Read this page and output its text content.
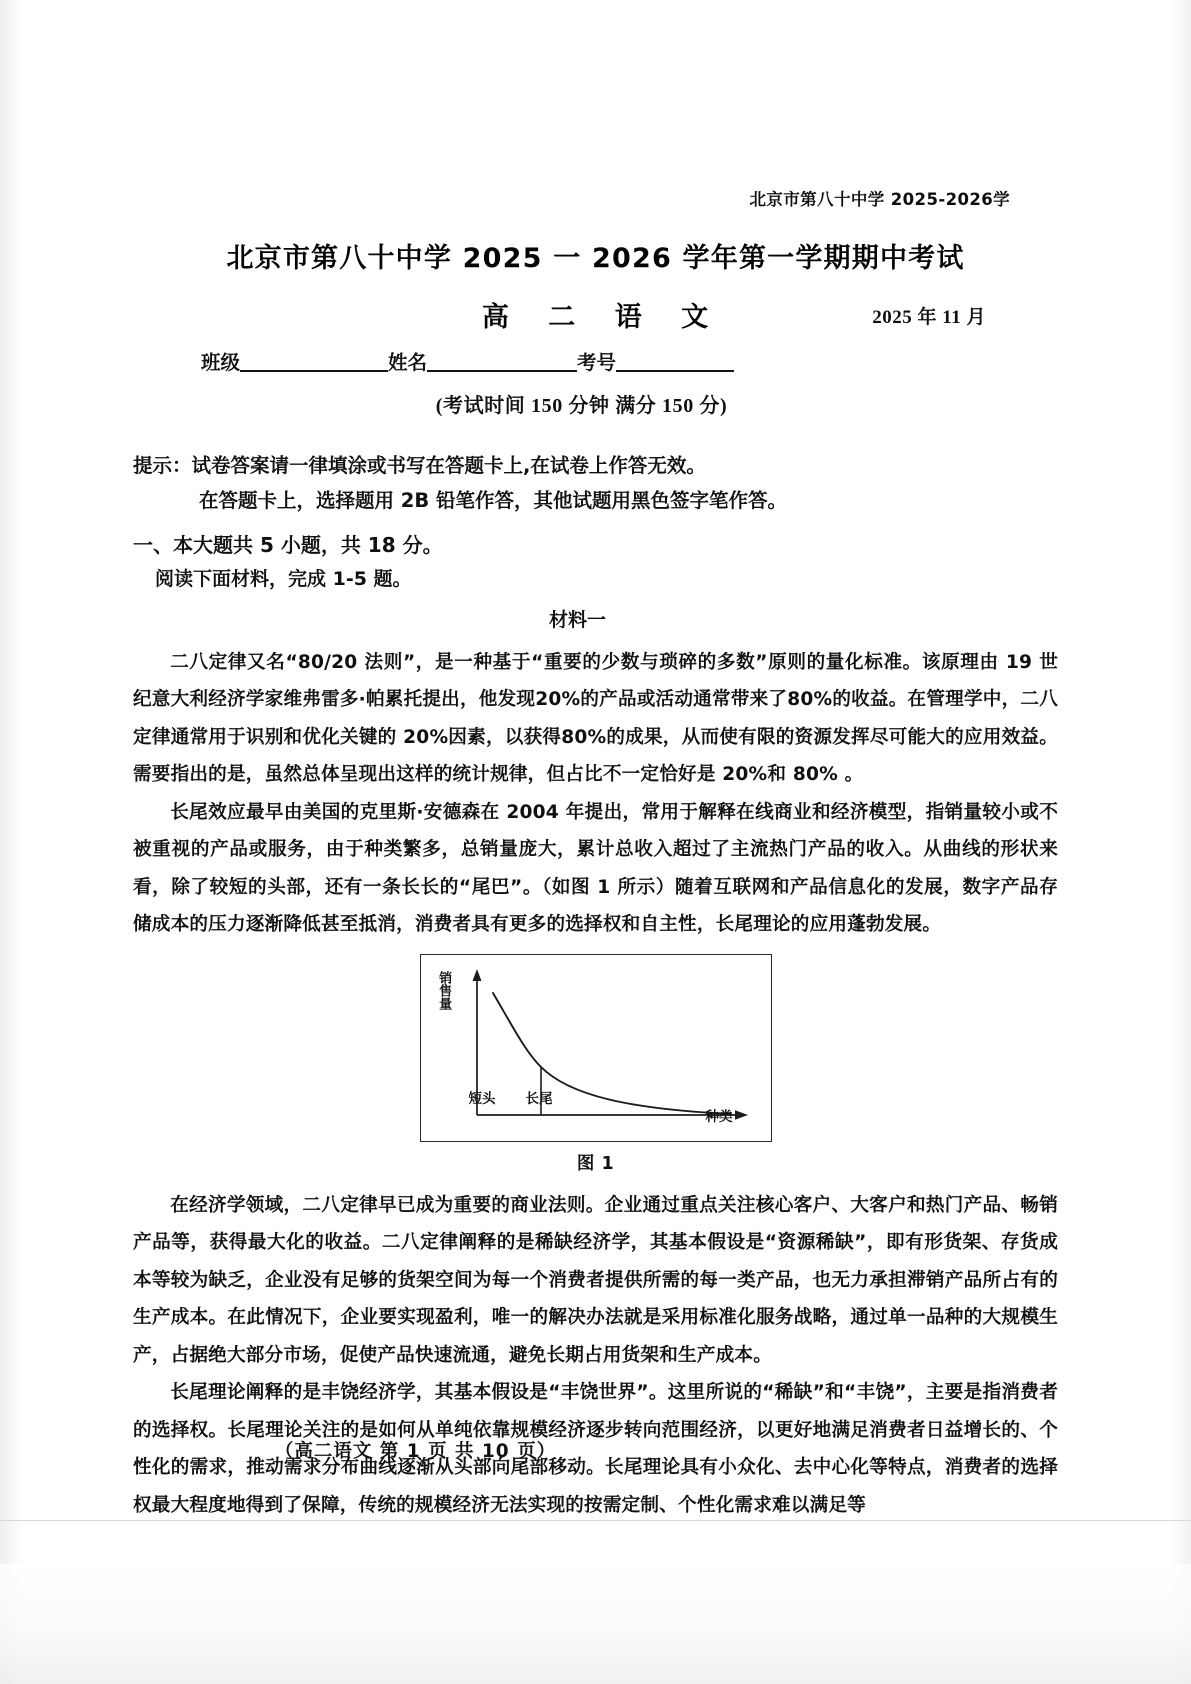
北京市第八十中学 2025-2026学
北京市第八十中学 2025 一 2026 学年第一学期期中考试
高 二 语 文	2025 年 11 月
班级	姓名	考号
(考试时间 150 分钟 满分 150 分)
提示：试卷答案请一律填涂或书写在答题卡上,在试卷上作答无效。
在答题卡上，选择题用 2B 铅笔作答，其他试题用黑色签字笔作答。
一、本大题共 5 小题，共 18 分。
阅读下面材料，完成 1-5 题。
材料一

二八定律又名“80/20 法则”，是一种基于“重要的少数与琐碎的多数”原则的量化标准。该原理由 19 世纪意大利经济学家维弗雷多·帕累托提出，他发现20%的产品或活动通常带来了80%的收益。在管理学中，二八定律通常用于识别和优化关键的 20%因素，以获得80%的成果，从而使有限的资源发挥尽可能大的应用效益。需要指出的是，虽然总体呈现出这样的统计规律，但占比不一定恰好是 20%和 80% 。

长尾效应最早由美国的克里斯·安德森在 2004 年提出，常用于解释在线商业和经济模型，指销量较小或不被重视的产品或服务，由于种类繁多，总销量庞大，累计总收入超过了主流热门产品的收入。从曲线的形状来看，除了较短的头部，还有一条长长的“尾巴”。（如图 1 所示）随着互联网和产品信息化的发展，数字产品存储成本的压力逐渐降低甚至抵消，消费者具有更多的选择权和自主性，长尾理论的应用蓬勃发展。

销售量
种类
短头 长尾
图 1

在经济学领域，二八定律早已成为重要的商业法则。企业通过重点关注核心客户、大客户和热门产品、畅销产品等，获得最大化的收益。二八定律阐释的是稀缺经济学，其基本假设是“资源稀缺”，即有形货架、存货成本等较为缺乏，企业没有足够的货架空间为每一个消费者提供所需的每一类产品，也无力承担滞销产品所占有的生产成本。在此情况下，企业要实现盈利，唯一的解决办法就是采用标准化服务战略，通过单一品种的大规模生产，占据绝大部分市场，促使产品快速流通，避免长期占用货架和生产成本。

长尾理论阐释的是丰饶经济学，其基本假设是“丰饶世界”。这里所说的“稀缺”和“丰饶”，主要是指消费者的选择权。长尾理论关注的是如何从单纯依靠规模经济逐步转向范围经济，以更好地满足消费者日益增长的、个性化的需求，推动需求分布曲线逐渐从头部向尾部移动。长尾理论具有小众化、去中心化等特点，消费者的选择权最大程度地得到了保障，传统的规模经济无法实现的按需定制、个性化需求难以满足等

（高二语文 第 1 页 共 10 页）
